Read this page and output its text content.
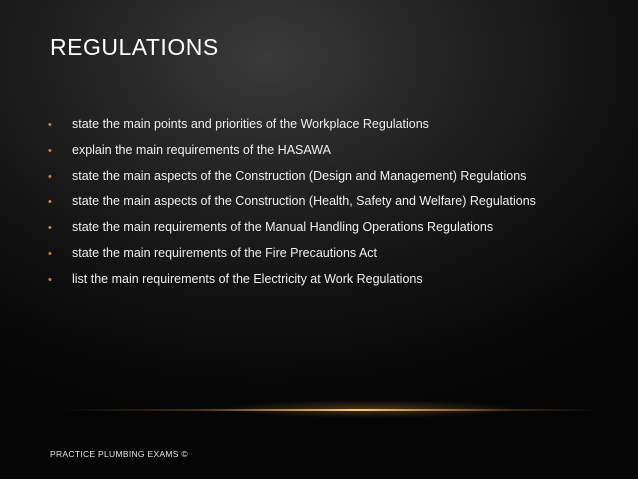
REGULATIONS
•	state the main points and priorities of the Workplace Regulations
•	explain the main requirements of the HASAWA
•	state the main aspects of the Construction (Design and Management) Regulations
•	state the main aspects of the Construction (Health, Safety and Welfare) Regulations
•	state the main requirements of the Manual Handling Operations Regulations
•	state the main requirements of the Fire Precautions Act
•	list the main requirements of the Electricity at Work Regulations
PRACTICE PLUMBING EXAMS ©
